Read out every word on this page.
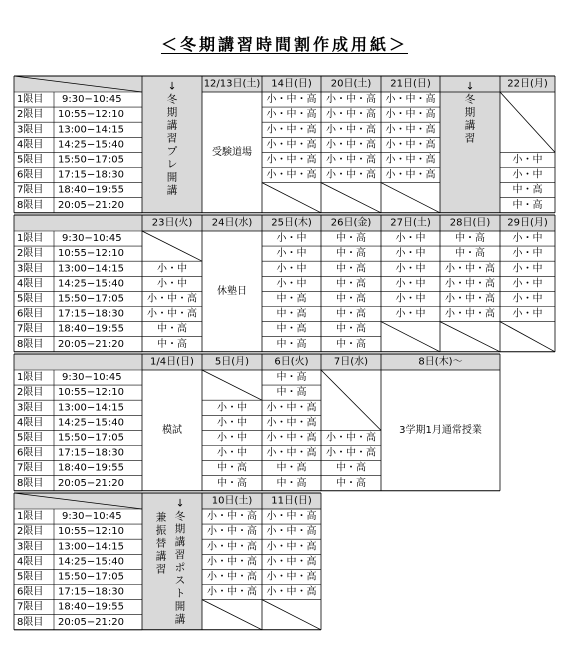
＜冬期講習時間割作成用紙＞
↓
冬
期
講
習
プ
レ
開
講
1限目 9:30−10:45
2限目 10:55−12:10
3限目 13:00−14:15
4限目 14:25−15:40
5限目 15:50−17:05
6限目 17:15−18:30
7限目 18:40−19:55
8限目 20:05−21:20
12/13日(土)
受験道場
14日(日)
小・中・高
小・中・高
小・中・高
小・中・高
小・中・高
小・中・高
20日(土)
小・中・高
小・中・高
小・中・高
小・中・高
小・中・高
小・中・高
21日(日)
小・中・高
小・中・高
小・中・高
小・中・高
小・中・高
小・中・高
↓
冬
期
講
習
22日(月)
小・中
小・中
中・高
中・高
1限目 9:30−10:45
2限目 10:55−12:10
3限目 13:00−14:15
4限目 14:25−15:40
5限目 15:50−17:05
6限目 17:15−18:30
7限目 18:40−19:55
8限目 20:05−21:20
23日(火)
小・中
小・中
小・中・高
小・中・高
中・高
中・高
24日(水)
休塾日
25日(木)
小・中
小・中
小・中
小・中
中・高
中・高
中・高
中・高
26日(金)
中・高
中・高
中・高
中・高
中・高
中・高
中・高
中・高
27日(土)
小・中
小・中
小・中
小・中
小・中
小・中
28日(日)
中・高
中・高
小・中・高
小・中・高
小・中・高
小・中・高
29日(月)
小・中
小・中
小・中
小・中
小・中
小・中
1限目 9:30−10:45
2限目 10:55−12:10
3限目 13:00−14:15
4限目 14:25−15:40
5限目 15:50−17:05
6限目 17:15−18:30
7限目 18:40−19:55
8限目 20:05−21:20
1/4日(日)
模試
5日(月)
小・中
小・中
小・中
小・中
中・高
中・高
6日(火)
中・高
中・高
小・中・高
小・中・高
小・中・高
小・中・高
中・高
中・高
7日(水)
小・中・高
小・中・高
中・高
中・高
8日(木)〜
3学期1月通常授業
↓
冬
期
講
習
ポ
ス
ト
開
講
兼
振
替
講
習
1限目 9:30−10:45
2限目 10:55−12:10
3限目 13:00−14:15
4限目 14:25−15:40
5限目 15:50−17:05
6限目 17:15−18:30
7限目 18:40−19:55
8限目 20:05−21:20
10日(土)
小・中・高
小・中・高
小・中・高
小・中・高
小・中・高
小・中・高
11日(日)
小・中・高
小・中・高
小・中・高
小・中・高
小・中・高
小・中・高
